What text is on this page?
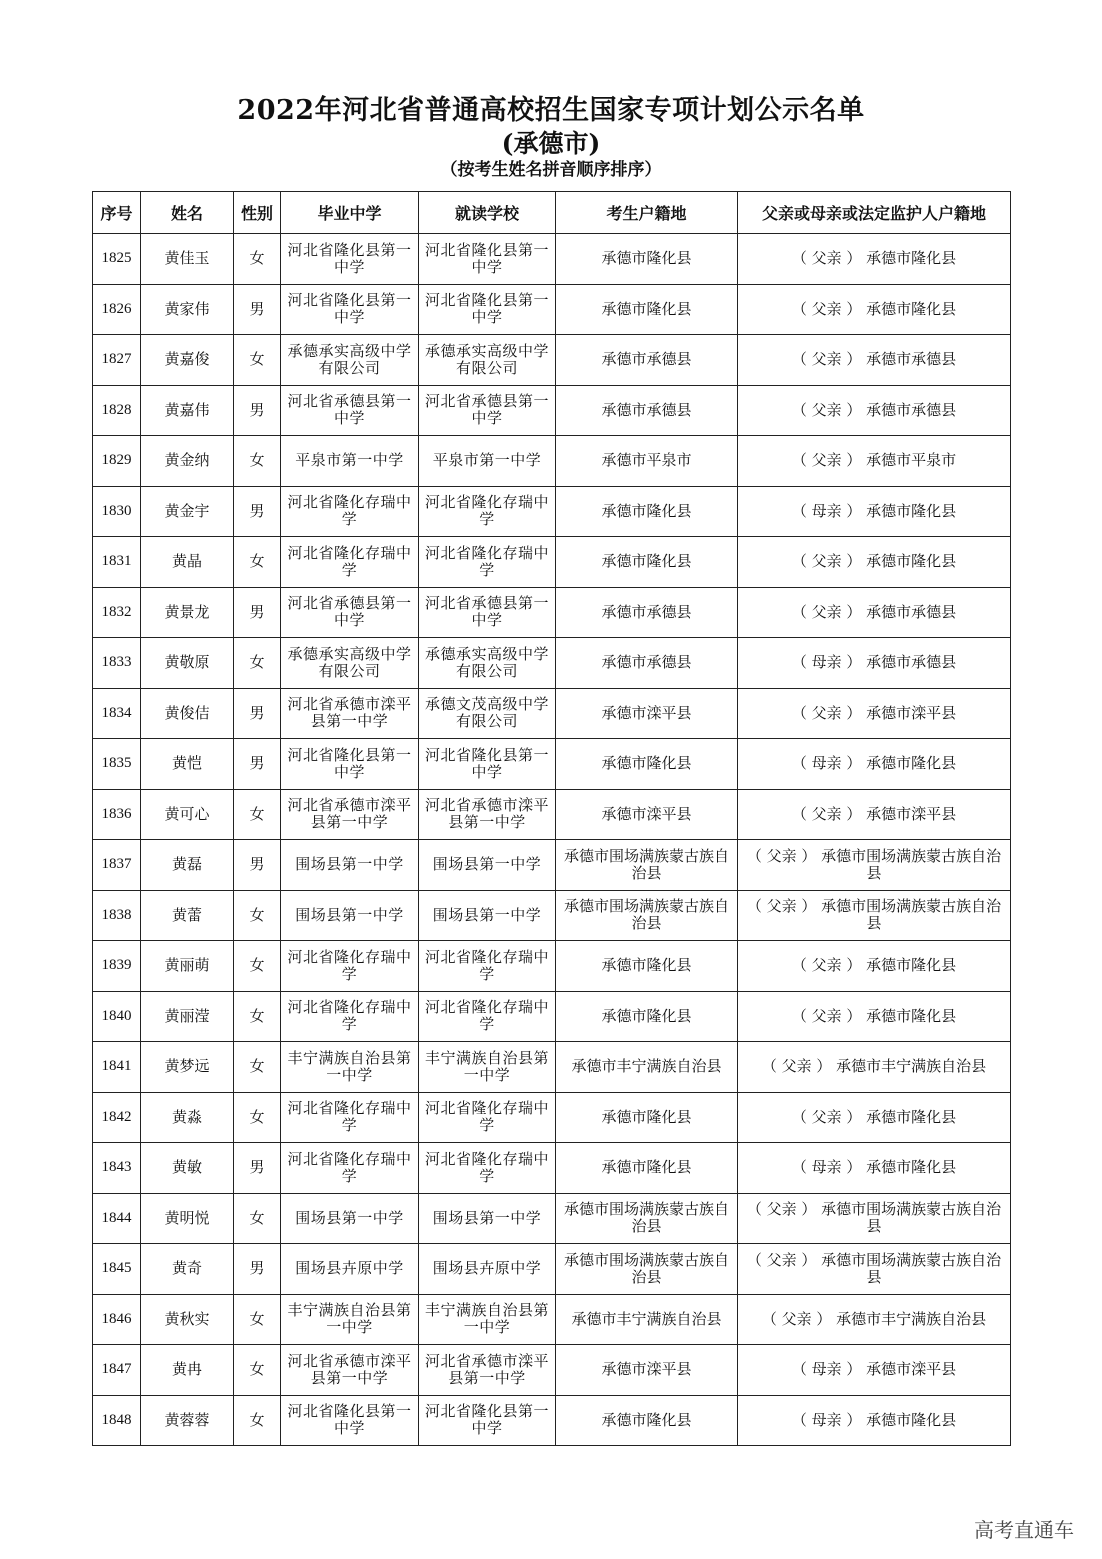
2022年河北省普通高校招生国家专项计划公示名单
(承德市)
（按考生姓名拼音顺序排序）
序号	姓名	性别	毕业中学	就读学校	考生户籍地	父亲或母亲或法定监护人户籍地
1825	黄佳玉	女	河北省隆化县第一中学	河北省隆化县第一中学	承德市隆化县	（ 父亲 ） 承德市隆化县
1826	黄家伟	男	河北省隆化县第一中学	河北省隆化县第一中学	承德市隆化县	（ 父亲 ） 承德市隆化县
1827	黄嘉俊	女	承德承实高级中学有限公司	承德承实高级中学有限公司	承德市承德县	（ 父亲 ） 承德市承德县
1828	黄嘉伟	男	河北省承德县第一中学	河北省承德县第一中学	承德市承德县	（ 父亲 ） 承德市承德县
1829	黄金纳	女	平泉市第一中学	平泉市第一中学	承德市平泉市	（ 父亲 ） 承德市平泉市
1830	黄金宇	男	河北省隆化存瑞中学	河北省隆化存瑞中学	承德市隆化县	（ 母亲 ） 承德市隆化县
1831	黄晶	女	河北省隆化存瑞中学	河北省隆化存瑞中学	承德市隆化县	（ 父亲 ） 承德市隆化县
1832	黄景龙	男	河北省承德县第一中学	河北省承德县第一中学	承德市承德县	（ 父亲 ） 承德市承德县
1833	黄敬原	女	承德承实高级中学有限公司	承德承实高级中学有限公司	承德市承德县	（ 母亲 ） 承德市承德县
1834	黄俊佶	男	河北省承德市滦平县第一中学	承德文茂高级中学有限公司	承德市滦平县	（ 父亲 ） 承德市滦平县
1835	黄恺	男	河北省隆化县第一中学	河北省隆化县第一中学	承德市隆化县	（ 母亲 ） 承德市隆化县
1836	黄可心	女	河北省承德市滦平县第一中学	河北省承德市滦平县第一中学	承德市滦平县	（ 父亲 ） 承德市滦平县
1837	黄磊	男	围场县第一中学	围场县第一中学	承德市围场满族蒙古族自治县	（ 父亲 ） 承德市围场满族蒙古族自治县
1838	黄蕾	女	围场县第一中学	围场县第一中学	承德市围场满族蒙古族自治县	（ 父亲 ） 承德市围场满族蒙古族自治县
1839	黄丽萌	女	河北省隆化存瑞中学	河北省隆化存瑞中学	承德市隆化县	（ 父亲 ） 承德市隆化县
1840	黄丽滢	女	河北省隆化存瑞中学	河北省隆化存瑞中学	承德市隆化县	（ 父亲 ） 承德市隆化县
1841	黄梦远	女	丰宁满族自治县第一中学	丰宁满族自治县第一中学	承德市丰宁满族自治县	（ 父亲 ） 承德市丰宁满族自治县
1842	黄淼	女	河北省隆化存瑞中学	河北省隆化存瑞中学	承德市隆化县	（ 父亲 ） 承德市隆化县
1843	黄敏	男	河北省隆化存瑞中学	河北省隆化存瑞中学	承德市隆化县	（ 母亲 ） 承德市隆化县
1844	黄明悦	女	围场县第一中学	围场县第一中学	承德市围场满族蒙古族自治县	（ 父亲 ） 承德市围场满族蒙古族自治县
1845	黄奇	男	围场县卉原中学	围场县卉原中学	承德市围场满族蒙古族自治县	（ 父亲 ） 承德市围场满族蒙古族自治县
1846	黄秋实	女	丰宁满族自治县第一中学	丰宁满族自治县第一中学	承德市丰宁满族自治县	（ 父亲 ） 承德市丰宁满族自治县
1847	黄冉	女	河北省承德市滦平县第一中学	河北省承德市滦平县第一中学	承德市滦平县	（ 母亲 ） 承德市滦平县
1848	黄蓉蓉	女	河北省隆化县第一中学	河北省隆化县第一中学	承德市隆化县	（ 母亲 ） 承德市隆化县
高考直通车
